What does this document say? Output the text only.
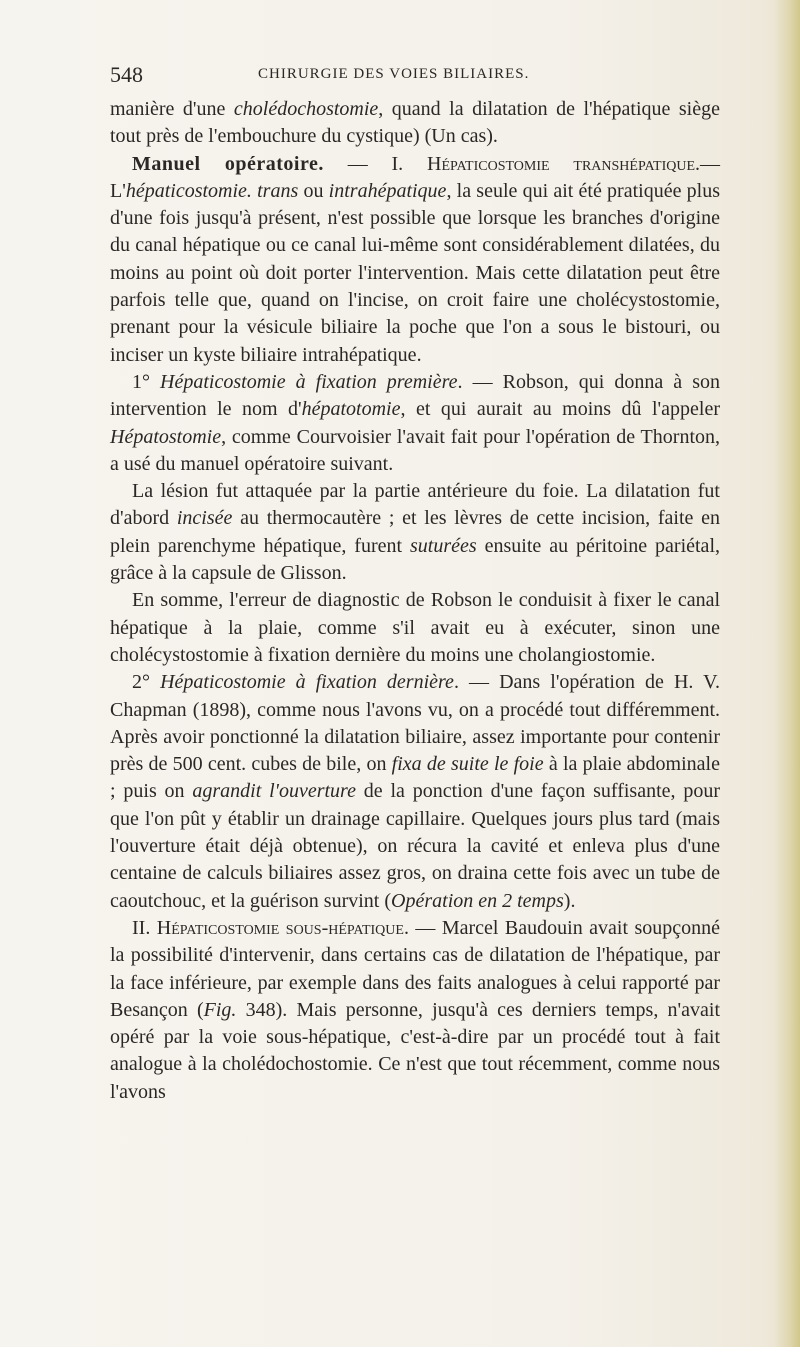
548	CHIRURGIE DES VOIES BILIAIRES.

manière d'une cholédochostomie, quand la dilatation de l'hépatique siège tout près de l'embouchure du cystique) (Un cas).

Manuel opératoire. — I. Hépaticostomie transhépatique.— L'hépaticostomie. trans ou intrahépatique, la seule qui ait été pratiquée plus d'une fois jusqu'à présent, n'est possible que lorsque les branches d'origine du canal hépatique ou ce canal lui-même sont considérablement dilatées, du moins au point où doit porter l'intervention. Mais cette dilatation peut être parfois telle que, quand on l'incise, on croit faire une cholécystostomie, prenant pour la vésicule biliaire la poche que l'on a sous le bistouri, ou inciser un kyste biliaire intrahépatique.

1° Hépaticostomie à fixation première. — Robson, qui donna à son intervention le nom d'hépatotomie, et qui aurait au moins dû l'appeler Hépatostomie, comme Courvoisier l'avait fait pour l'opération de Thornton, a usé du manuel opératoire suivant.

La lésion fut attaquée par la partie antérieure du foie. La dilatation fut d'abord incisée au thermocautère ; et les lèvres de cette incision, faite en plein parenchyme hépatique, furent suturées ensuite au péritoine pariétal, grâce à la capsule de Glisson.

En somme, l'erreur de diagnostic de Robson le conduisit à fixer le canal hépatique à la plaie, comme s'il avait eu à exécuter, sinon une cholécystostomie à fixation dernière du moins une cholangiostomie.

2° Hépaticostomie à fixation dernière. — Dans l'opération de H. V. Chapman (1898), comme nous l'avons vu, on a procédé tout différemment. Après avoir ponctionné la dilatation biliaire, assez importante pour contenir près de 500 cent. cubes de bile, on fixa de suite le foie à la plaie abdominale ; puis on agrandit l'ouverture de la ponction d'une façon suffisante, pour que l'on pût y établir un drainage capillaire. Quelques jours plus tard (mais l'ouverture était déjà obtenue), on récura la cavité et enleva plus d'une centaine de calculs biliaires assez gros, on draina cette fois avec un tube de caoutchouc, et la guérison survint (Opération en 2 temps).

II. Hépaticostomie sous-hépatique. — Marcel Baudouin avait soupçonné la possibilité d'intervenir, dans certains cas de dilatation de l'hépatique, par la face inférieure, par exemple dans des faits analogues à celui rapporté par Besançon (Fig. 348). Mais personne, jusqu'à ces derniers temps, n'avait opéré par la voie sous-hépatique, c'est-à-dire par un procédé tout à fait analogue à la cholédochostomie. Ce n'est que tout récemment, comme nous l'avons
